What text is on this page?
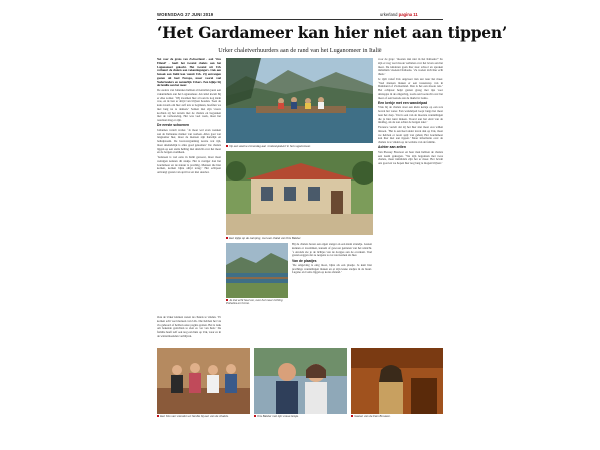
WOENSDAG 27 JUNI 2019	urkerland pagina 11
‘Het Gardameer kan hier niet aan tippen’
Urker chaletverhuurders aan de rand van het Luganomeer in Italië

Net voor de grens van Zwitserland - ooit ‘Ons Eiland’ - heeft het tweetal chalets aan het Luganomeer gekocht. Het tweetal uit Urk verhuurt de chalets aan vakantiegangers. Ook een bezoek aan Italië kan vanuit Urk. Zij ontvangen gasten uit heel Europa, maar vooral veel Nederlanders en natuurlijk Urkers. Een kijkje bij de familie aan het meer.

De ouders van Johannes hebben al tientallen jaren een vakantiehuis aan het Luganomeer. Als kind kwam hij er elke zomer. ‘Wij kwamen hier al toen ik nog klein was, en ik ben er altijd van blijven houden. Toen de kans kwam om hier zelf iets te beginnen, hoefden we niet lang na te denken.’ Samen met zijn vrouw kochten zij het terrein met de chalets en begonnen met de verbouwing. Het was veel werk, maar het resultaat mag er zijn.

De eerste schoenen

Johannes vertelt verder. ‘Je moet wel even wennen aan de Italiaanse manier van werken. Alles gaat wat langzamer hier, maar de mensen zijn hartelijk en behulpzaam. De bouwvergunning kostte wat tijd, maar uiteindelijk is alles goed gekomen.’ De chalets liggen op een steile helling met uitzicht over het meer en de bergen eromheen.

‘Iedereen is wel eens in Italië geweest, maar maar weinigen kennen dit stukje. Het is rustiger dan het Gardameer en de natuur is prachtig. Mensen die hier komen, komen bijna altijd terug.’ Het echtpaar ontvangt gasten van april tot en met oktober.

Op een warme zomerdag aan ‘onsHuisjesHet’ in het Luganomeer.
Een kijkje op de camping, met een chalet van Kris Bakker.
Je ziet echt heel ver, over het meer richting Porlezza en Como.

Bij de chalets horen een eigen steiger en een klein strandje. Gasten kunnen er zwemmen, kanoën of gewoon genieten van het uitzicht. ‘s Avonds zie je de lichtjes van de dorpjes aan de overkant. Veel gasten zeggen dat ze nergens zo tot rust komen als hier.

Van de plaatjes

‘De omgeving is enig mooi, bijna als een plaatje. Je kunt hier prachtige wandelingen maken en er zijn leuke stadjes in de buurt. Lugano en Como liggen op korte afstand.’

Ook de Urker klanten weten de chalets te vinden. ‘Er komen echt veel mensen van Urk. Die hebben het via via gehoord of hebben onze pagina gezien. Het is leuk om bekende gezichten te zien zo ver van huis.’ De familie heeft zelf ook nog een huis op Urk, waar ze in de wintermaanden verblijven.

voor de grap: ‘moeten dan niet in het Italiaans?’ Zo zijn er nog veel mooie verhalen over het leven aan het meer. De kinderen gaan hier naar school en spreken inmiddels vloeiend Italiaans. ‘Ze voelen zich hier echt thuis.’

Je rijdt vanaf Urk ongeveer tien uur naar het meer. ‘Veel mensen maken er een tussenstop van in Duitsland of Zwitserland. Dan is het een mooie reis.’ Het echtpaar helpt gasten graag met tips voor uitstapjes in de omgeving, zoals een boottocht over het meer of een bezoek aan de markt in Luino.

Een kerkje met een wandelpad

Vlak bij de chalets staat een klein kerkje op een rots boven het water. Een wandelpad loopt langs het meer naar het dorp. ‘Dat is een van de mooiste wandelingen die je hier kunt maken. Vooral aan het eind van de middag, als de zon achter de bergen zakt.’

Florence vertelt dat zij het hier niet meer zou willen missen. ‘Het is een heel ander leven dan op Urk, maar we hebben er nooit spijt van gehad. Het Gardameer kan hier niet aan tippen.’ Meer informatie over de chalets is te vinden op de website van de familie.

Achter aan zeilen

Van Pleasey Brouwer en haar man hebben de chalets een naam gekregen. ‘We zijn begonnen met twee chalets, maar inmiddels zijn het er meer. Het bevalt ons goed en we hopen hier nog lang te mogen blijven.’

Een foto van vrienden en familie bij een van de chalets.	Kris Bakker met zijn vrouw Arieja.	Gasten van de Fam Brouwer.
